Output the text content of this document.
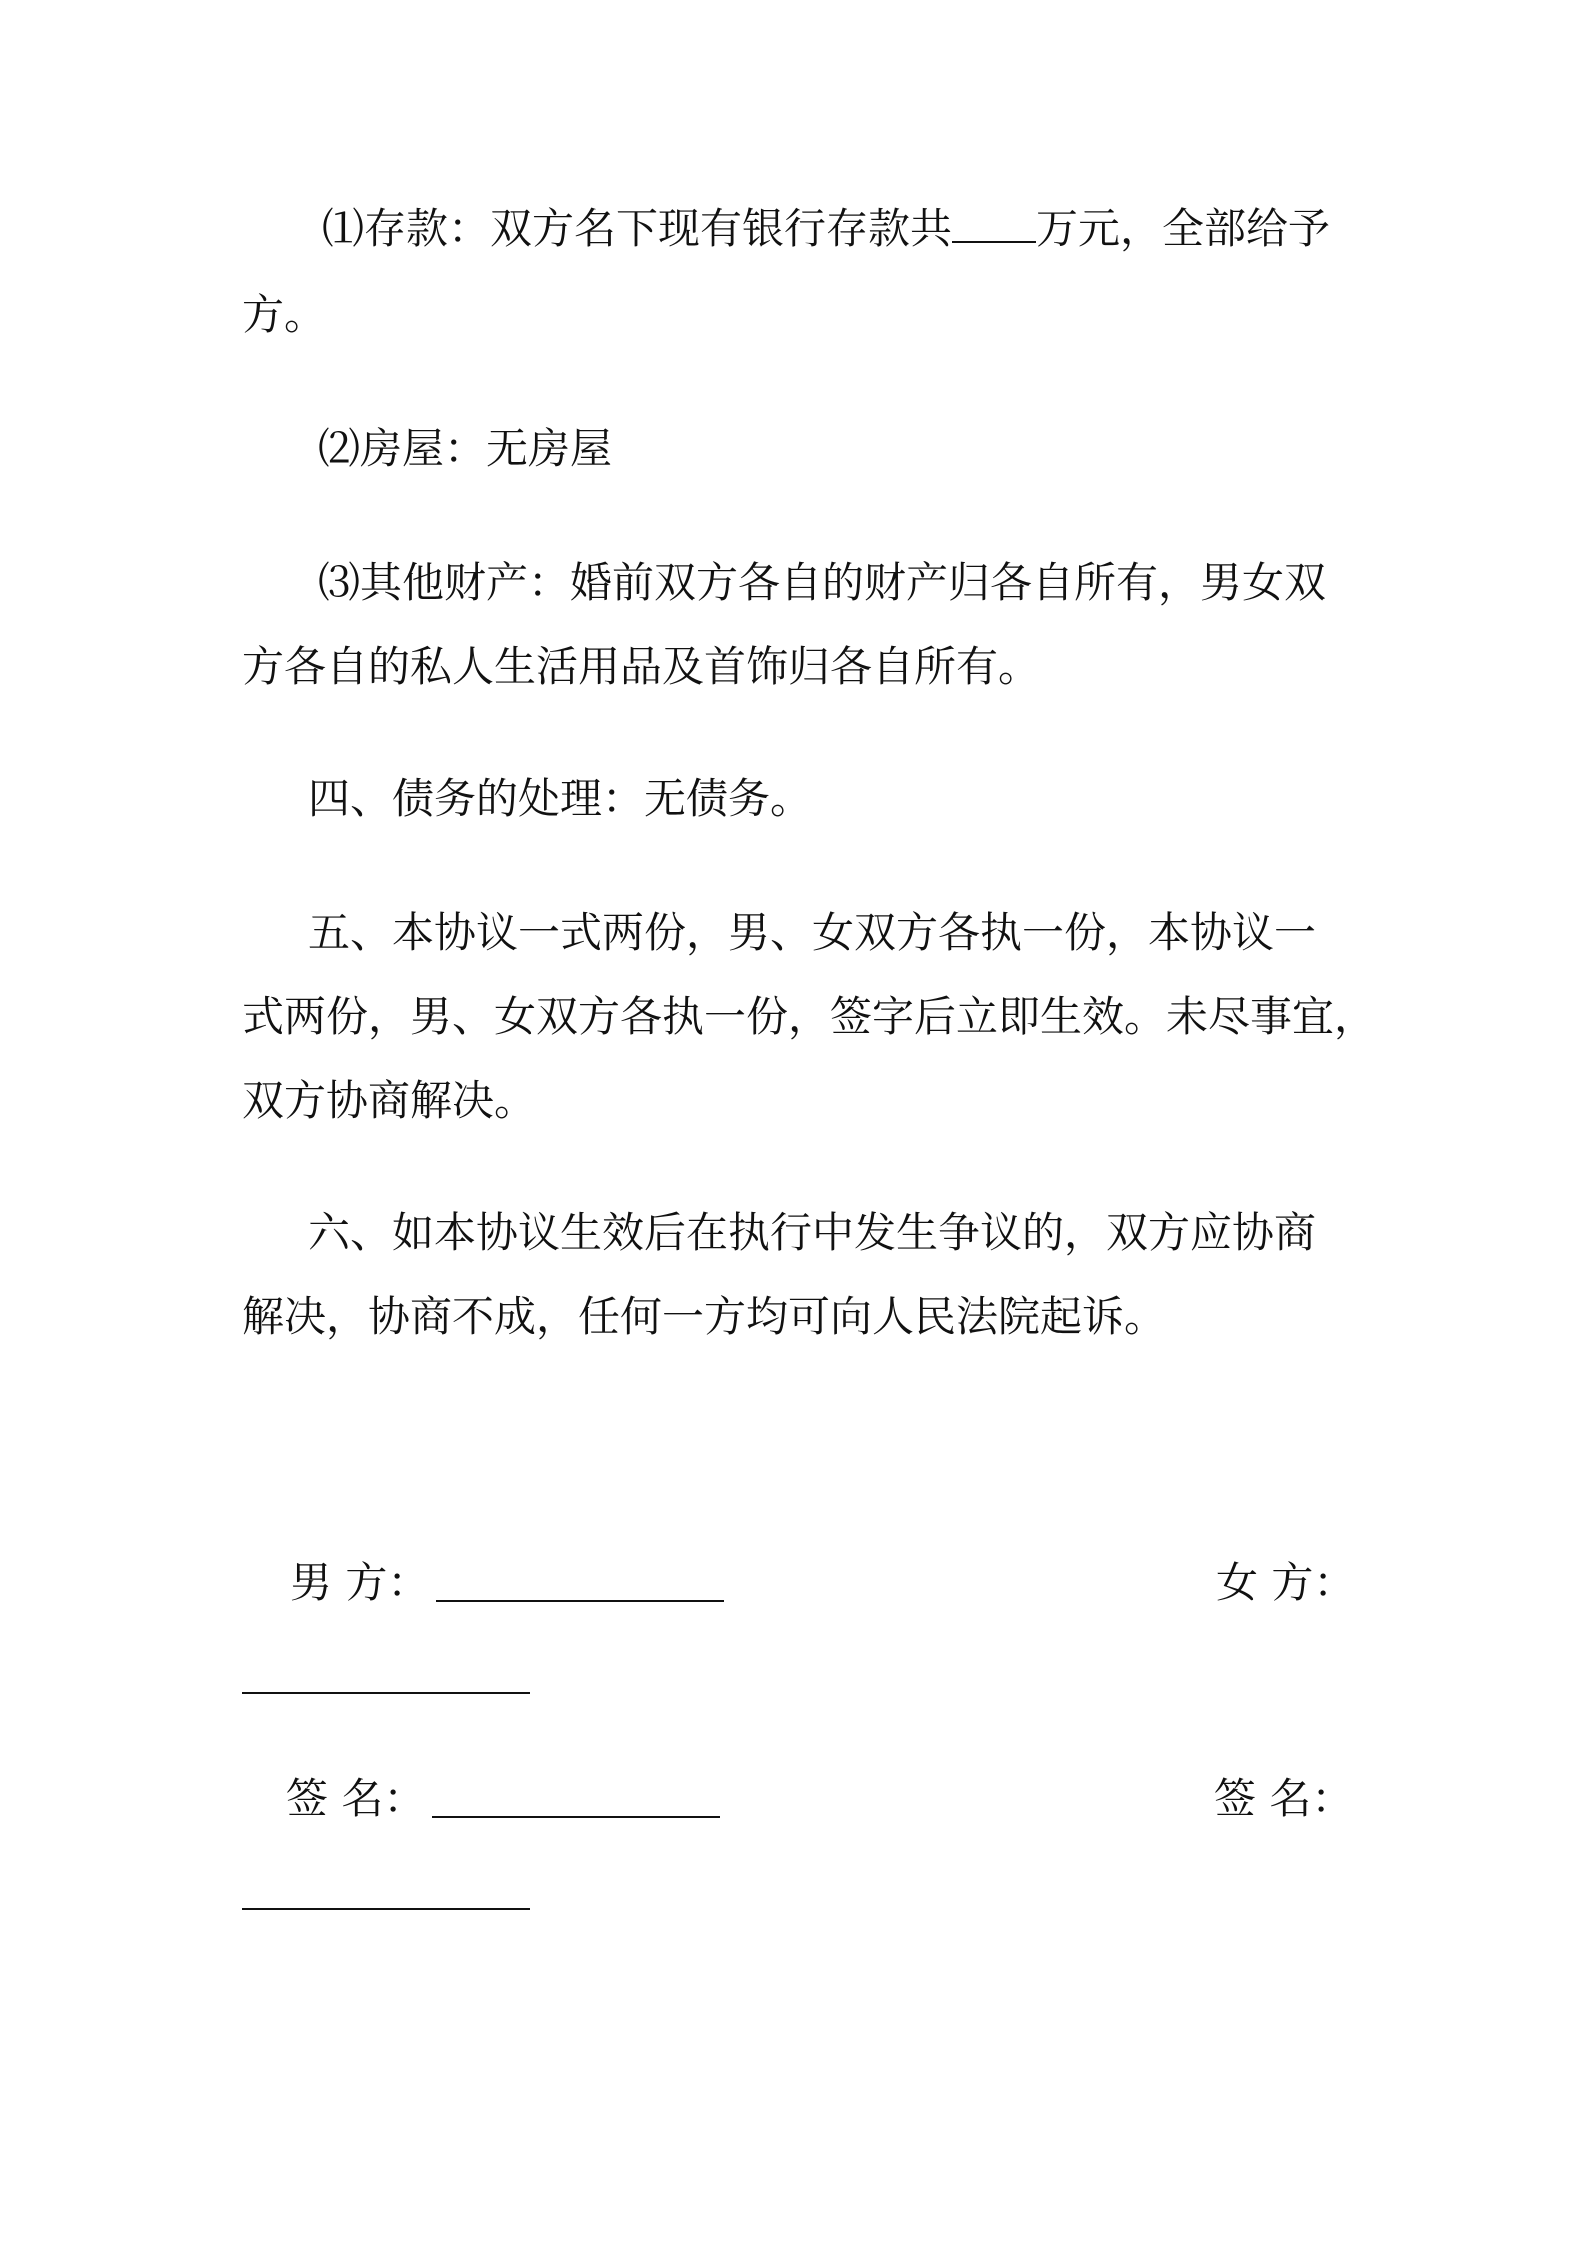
⑴存款：双方名下现有银行存款共 万元，全部给予
方。
⑵房屋：无房屋
⑶其他财产：婚前双方各自的财产归各自所有，男女双
方各自的私人生活用品及首饰归各自所有。
四、债务的处理：无债务。
五、本协议一式两份，男、女双方各执一份，本协议一
式两份，男、女双方各执一份，签字后立即生效。未尽事宜，
双方协商解决。
六、如本协议生效后在执行中发生争议的，双方应协商
解决，协商不成，任何一方均可向人民法院起诉。
男 方：	女 方：
签 名：	签 名：
